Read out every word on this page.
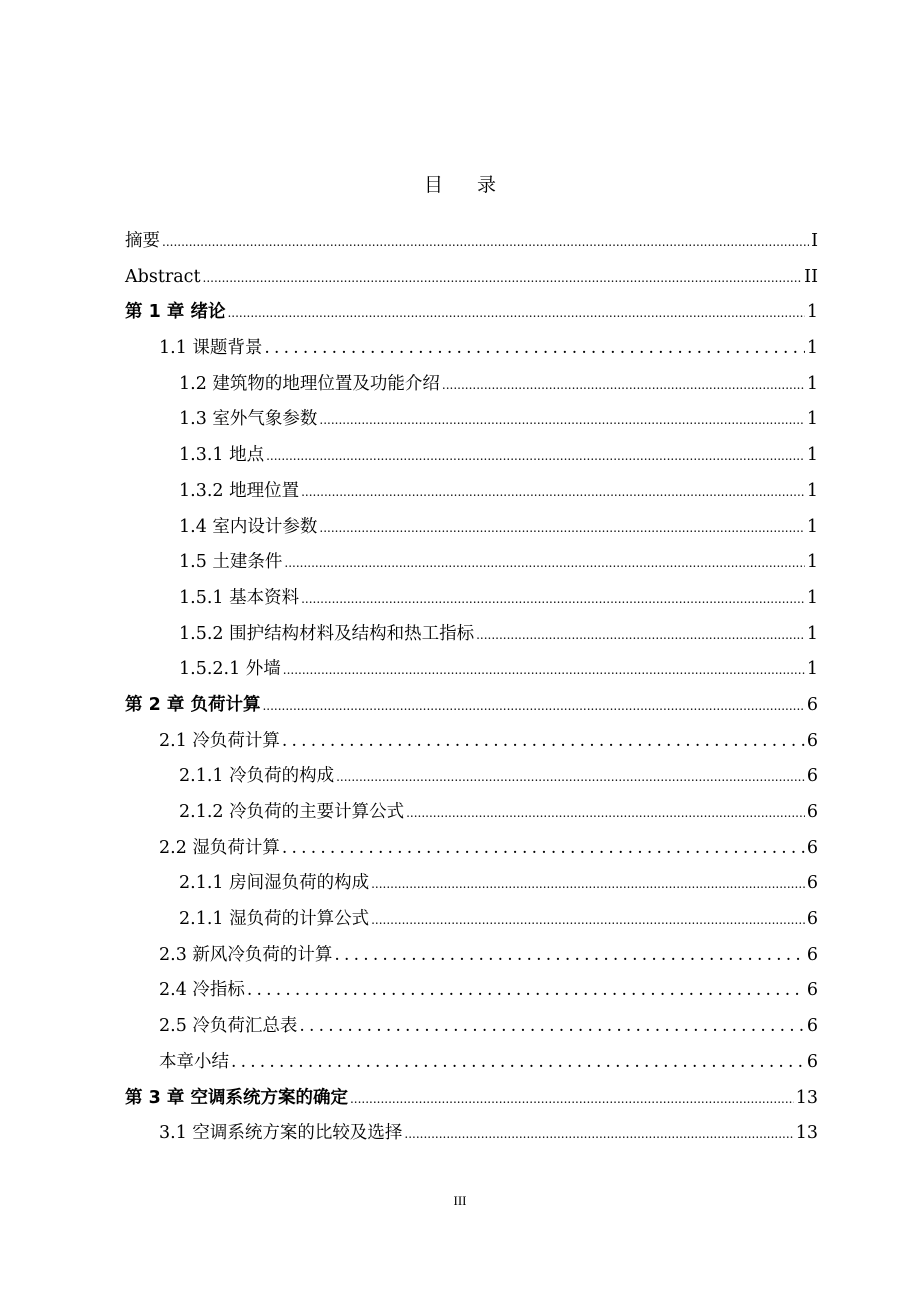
目 录
摘要 .....	I
Abstract .....	II
第 1 章 绪论 .....	1
1.1 课题背景 .....	1
1.2 建筑物的地理位置及功能介绍 .....	1
1.3 室外气象参数 .....	1
1.3.1 地点 .....	1
1.3.2 地理位置 .....	1
1.4 室内设计参数 .....	1
1.5 土建条件 .....	1
1.5.1 基本资料 .....	1
1.5.2 围护结构材料及结构和热工指标 .....	1
1.5.2.1 外墙 .....	1
第 2 章 负荷计算 .....	6
2.1 冷负荷计算 .....	6
2.1.1 冷负荷的构成 .....	6
2.1.2 冷负荷的主要计算公式 .....	6
2.2 湿负荷计算 .....	6
2.1.1 房间湿负荷的构成 .....	6
2.1.1 湿负荷的计算公式 .....	6
2.3 新风冷负荷的计算 .....	6
2.4 冷指标 .....	6
2.5 冷负荷汇总表 .....	6
本章小结 .....	6
第 3 章 空调系统方案的确定 .....	13
3.1 空调系统方案的比较及选择 .....	13
III
